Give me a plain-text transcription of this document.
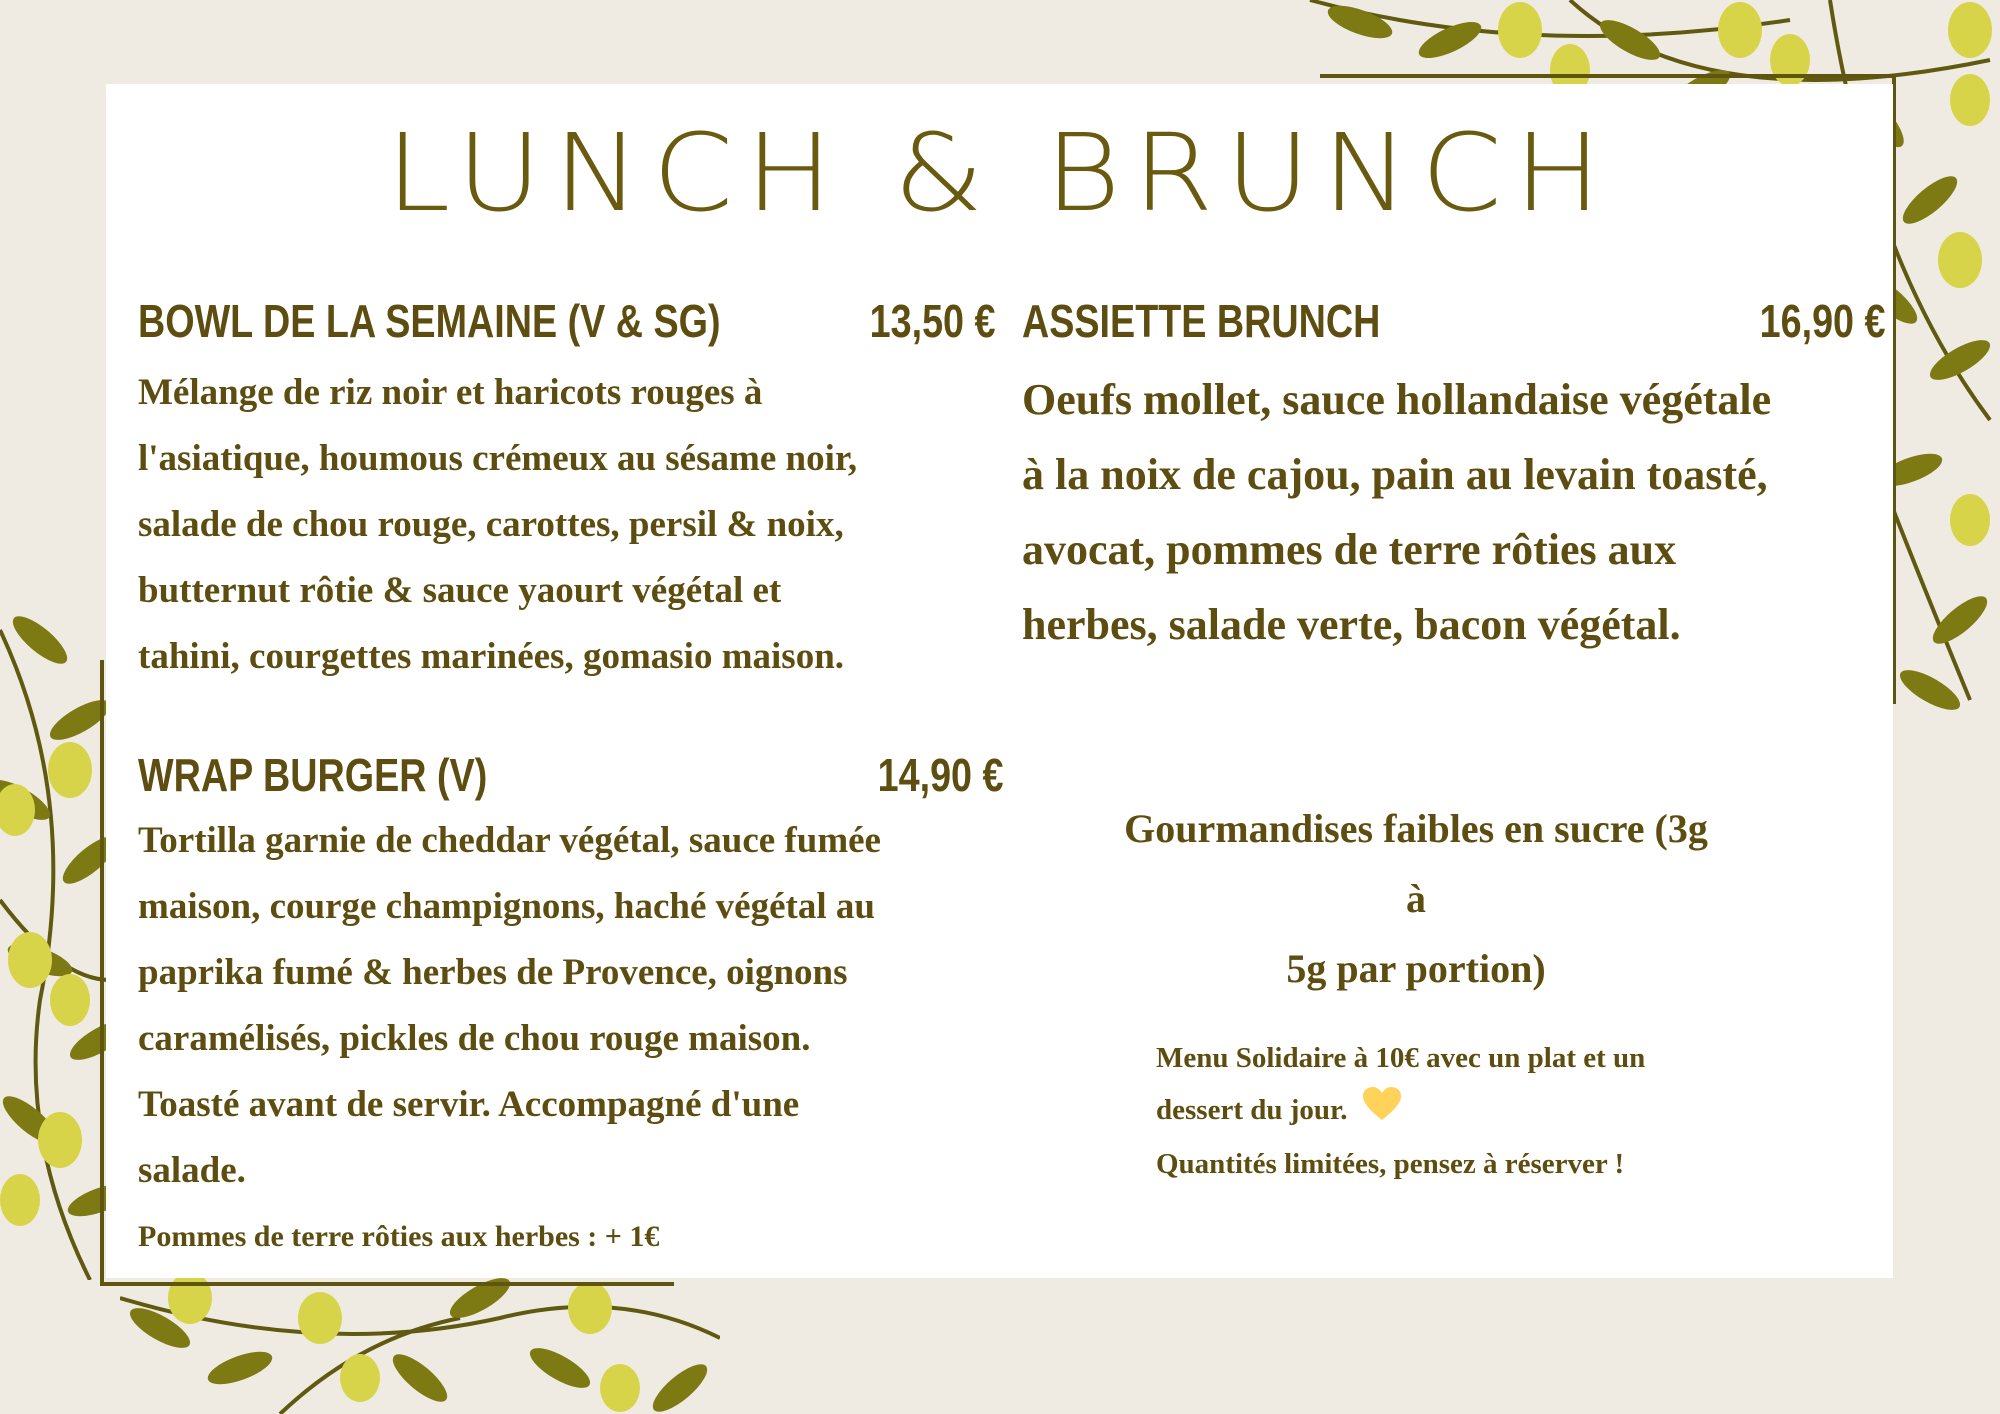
LUNCH & BRUNCH
BOWL DE LA SEMAINE (V & SG)	13,50 €
Mélange de riz noir et haricots rouges à
l'asiatique, houmous crémeux au sésame noir,
salade de chou rouge, carottes, persil & noix,
butternut rôtie & sauce yaourt végétal et
tahini, courgettes marinées, gomasio maison.
ASSIETTE BRUNCH	16,90 €
Oeufs mollet, sauce hollandaise végétale
à la noix de cajou, pain au levain toasté,
avocat, pommes de terre rôties aux
herbes, salade verte, bacon végétal.
WRAP BURGER (V)	14,90 €
Tortilla garnie de cheddar végétal, sauce fumée
maison, courge champignons, haché végétal au
paprika fumé & herbes de Provence, oignons
caramélisés, pickles de chou rouge maison.
Toasté avant de servir. Accompagné d'une
salade.
Pommes de terre rôties aux herbes : + 1€
Gourmandises faibles en sucre (3g à
5g par portion)
Menu Solidaire à 10€ avec un plat et un
dessert du jour.
Quantités limitées, pensez à réserver !
